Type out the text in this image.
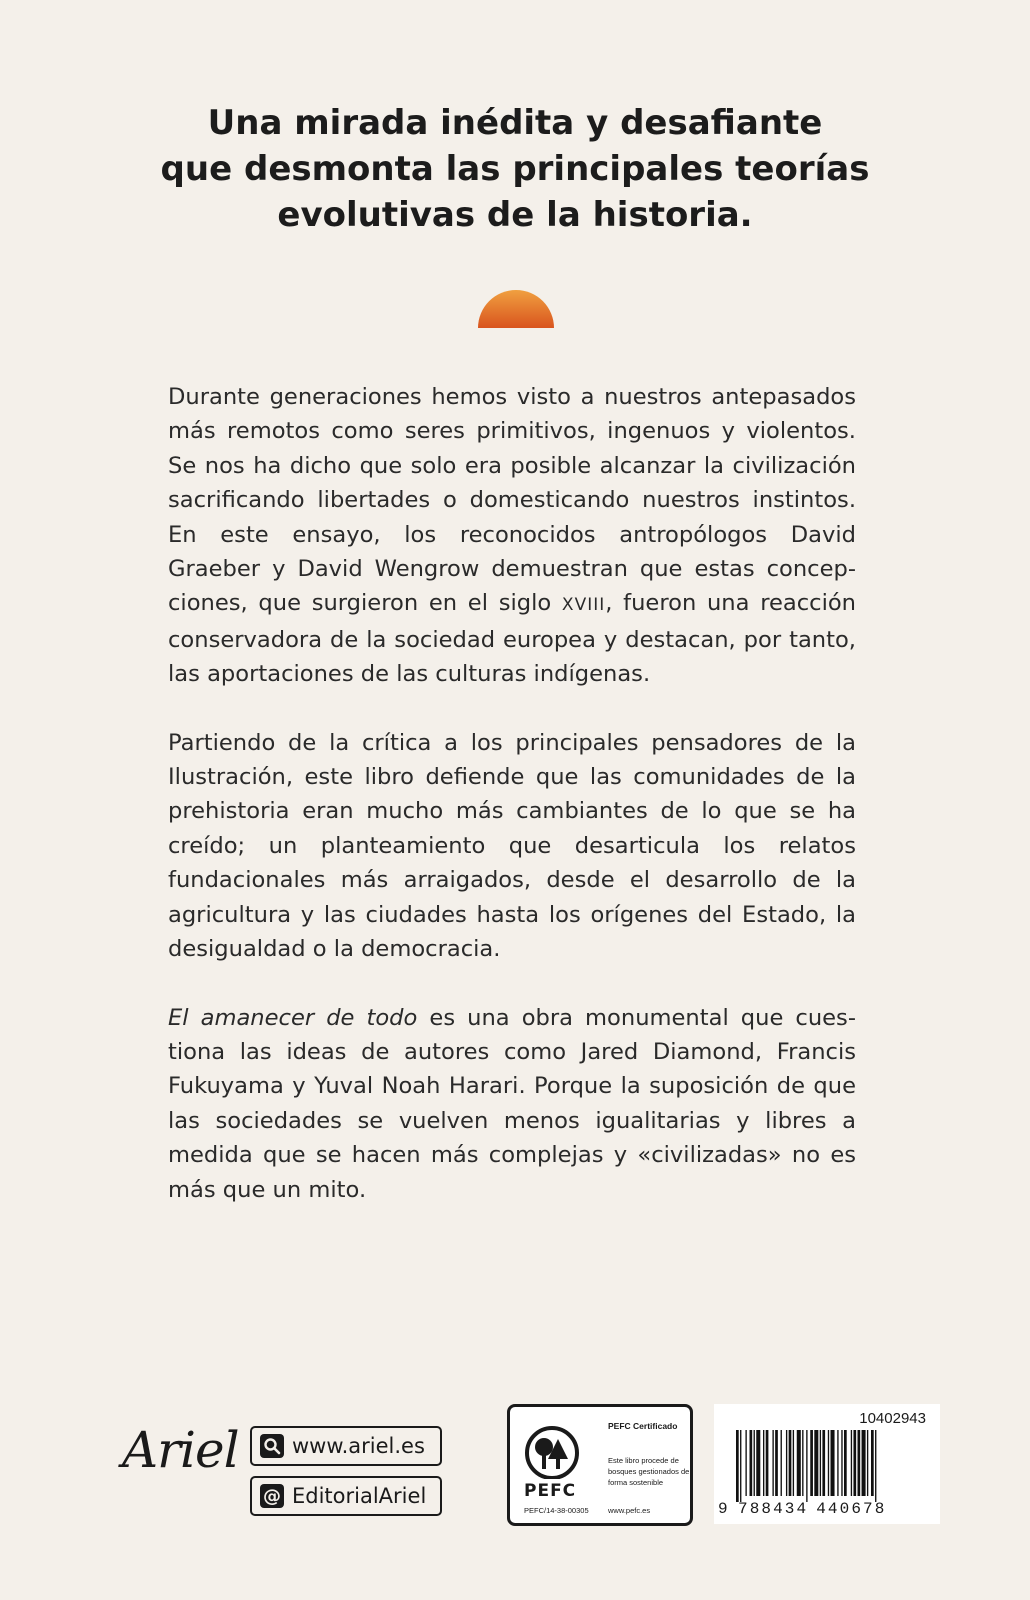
Una mirada inédita y desafiante
que desmonta las principales teorías
evolutivas de la historia.

Durante generaciones hemos visto a nuestros antepasados más remotos como seres primitivos, ingenuos y violentos. Se nos ha dicho que solo era posible alcanzar la civilización sacrificando libertades o domesticando nuestros instintos. En este ensayo, los reconocidos antropólogos David Graeber y David Wengrow demuestran que estas concepciones, que surgieron en el siglo XVIII, fueron una reacción conservadora de la sociedad europea y destacan, por tanto, las aportaciones de las culturas indígenas.

Partiendo de la crítica a los principales pensadores de la Ilustración, este libro defiende que las comunidades de la prehistoria eran mucho más cambiantes de lo que se ha creído; un planteamiento que desarticula los relatos fundacionales más arraigados, desde el desarrollo de la agricultura y las ciudades hasta los orígenes del Estado, la desigualdad o la democracia.

El amanecer de todo es una obra monumental que cuestiona las ideas de autores como Jared Diamond, Francis Fukuyama y Yuval Noah Harari. Porque la suposición de que las sociedades se vuelven menos igualitarias y libres a medida que se hacen más complejas y «civilizadas» no es más que un mito.

Ariel	www.ariel.es
@ EditorialAriel	PEFC
PEFC/14-38-00305
PEFC Certificado
Este libro procede de bosques gestionados de forma sostenible
www.pefc.es
10402943
9 788434 440678
